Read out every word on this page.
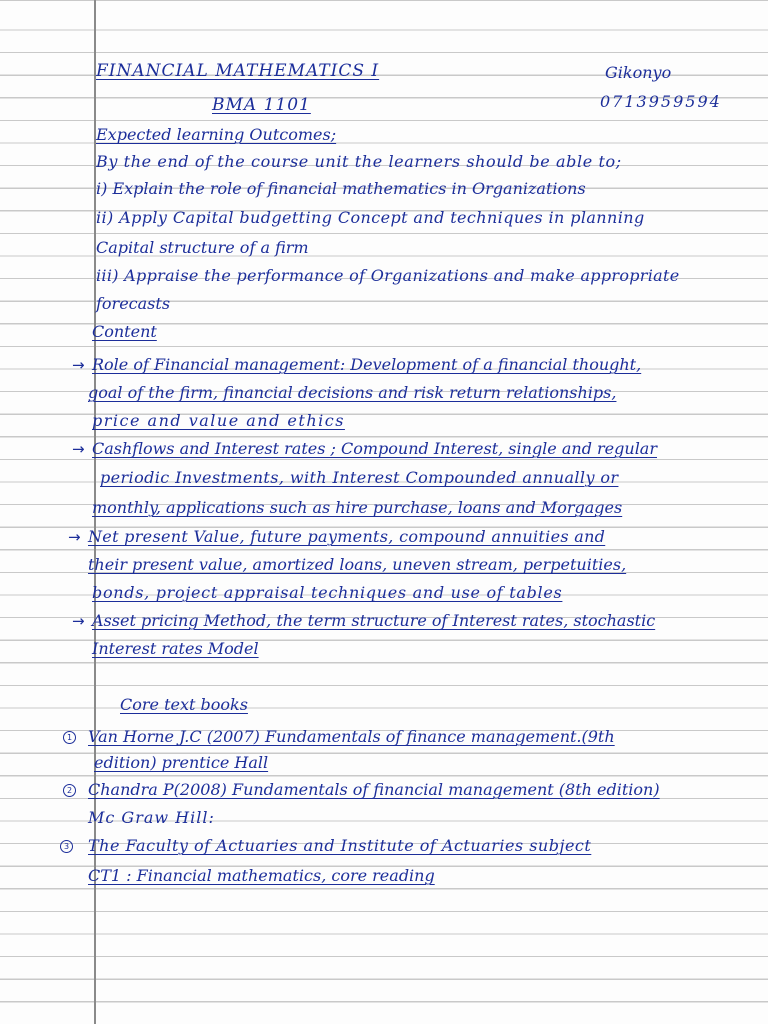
FINANCIAL MATHEMATICS I	Gikonyo
BMA 1101	0713959594
Expected learning Outcomes;
By the end of the course unit the learners should be able to;
i) Explain the role of financial mathematics in Organizations
ii) Apply Capital budgetting Concept and techniques in planning
Capital structure of a firm
iii) Appraise the performance of Organizations and make appropriate
forecasts
Content
→ Role of Financial management: Development of a financial thought,
goal of the firm, financial decisions and risk return relationships,
price and value and ethics
→ Cashflows and Interest rates ; Compound Interest, single and regular
periodic Investments, with Interest Compounded annually or
monthly, applications such as hire purchase, loans and Morgages
→ Net present Value, future payments, compound annuities and
their present value, amortized loans, uneven stream, perpetuities,
bonds, project appraisal techniques and use of tables
→ Asset pricing Method, the term structure of Interest rates, stochastic
Interest rates Model
Core text books
1 Van Horne J.C (2007) Fundamentals of finance management.(9th
edition) prentice Hall
2 Chandra P(2008) Fundamentals of financial management (8th edition)
Mc Graw Hill:
3 The Faculty of Actuaries and Institute of Actuaries subject
CT1 : Financial mathematics, core reading
